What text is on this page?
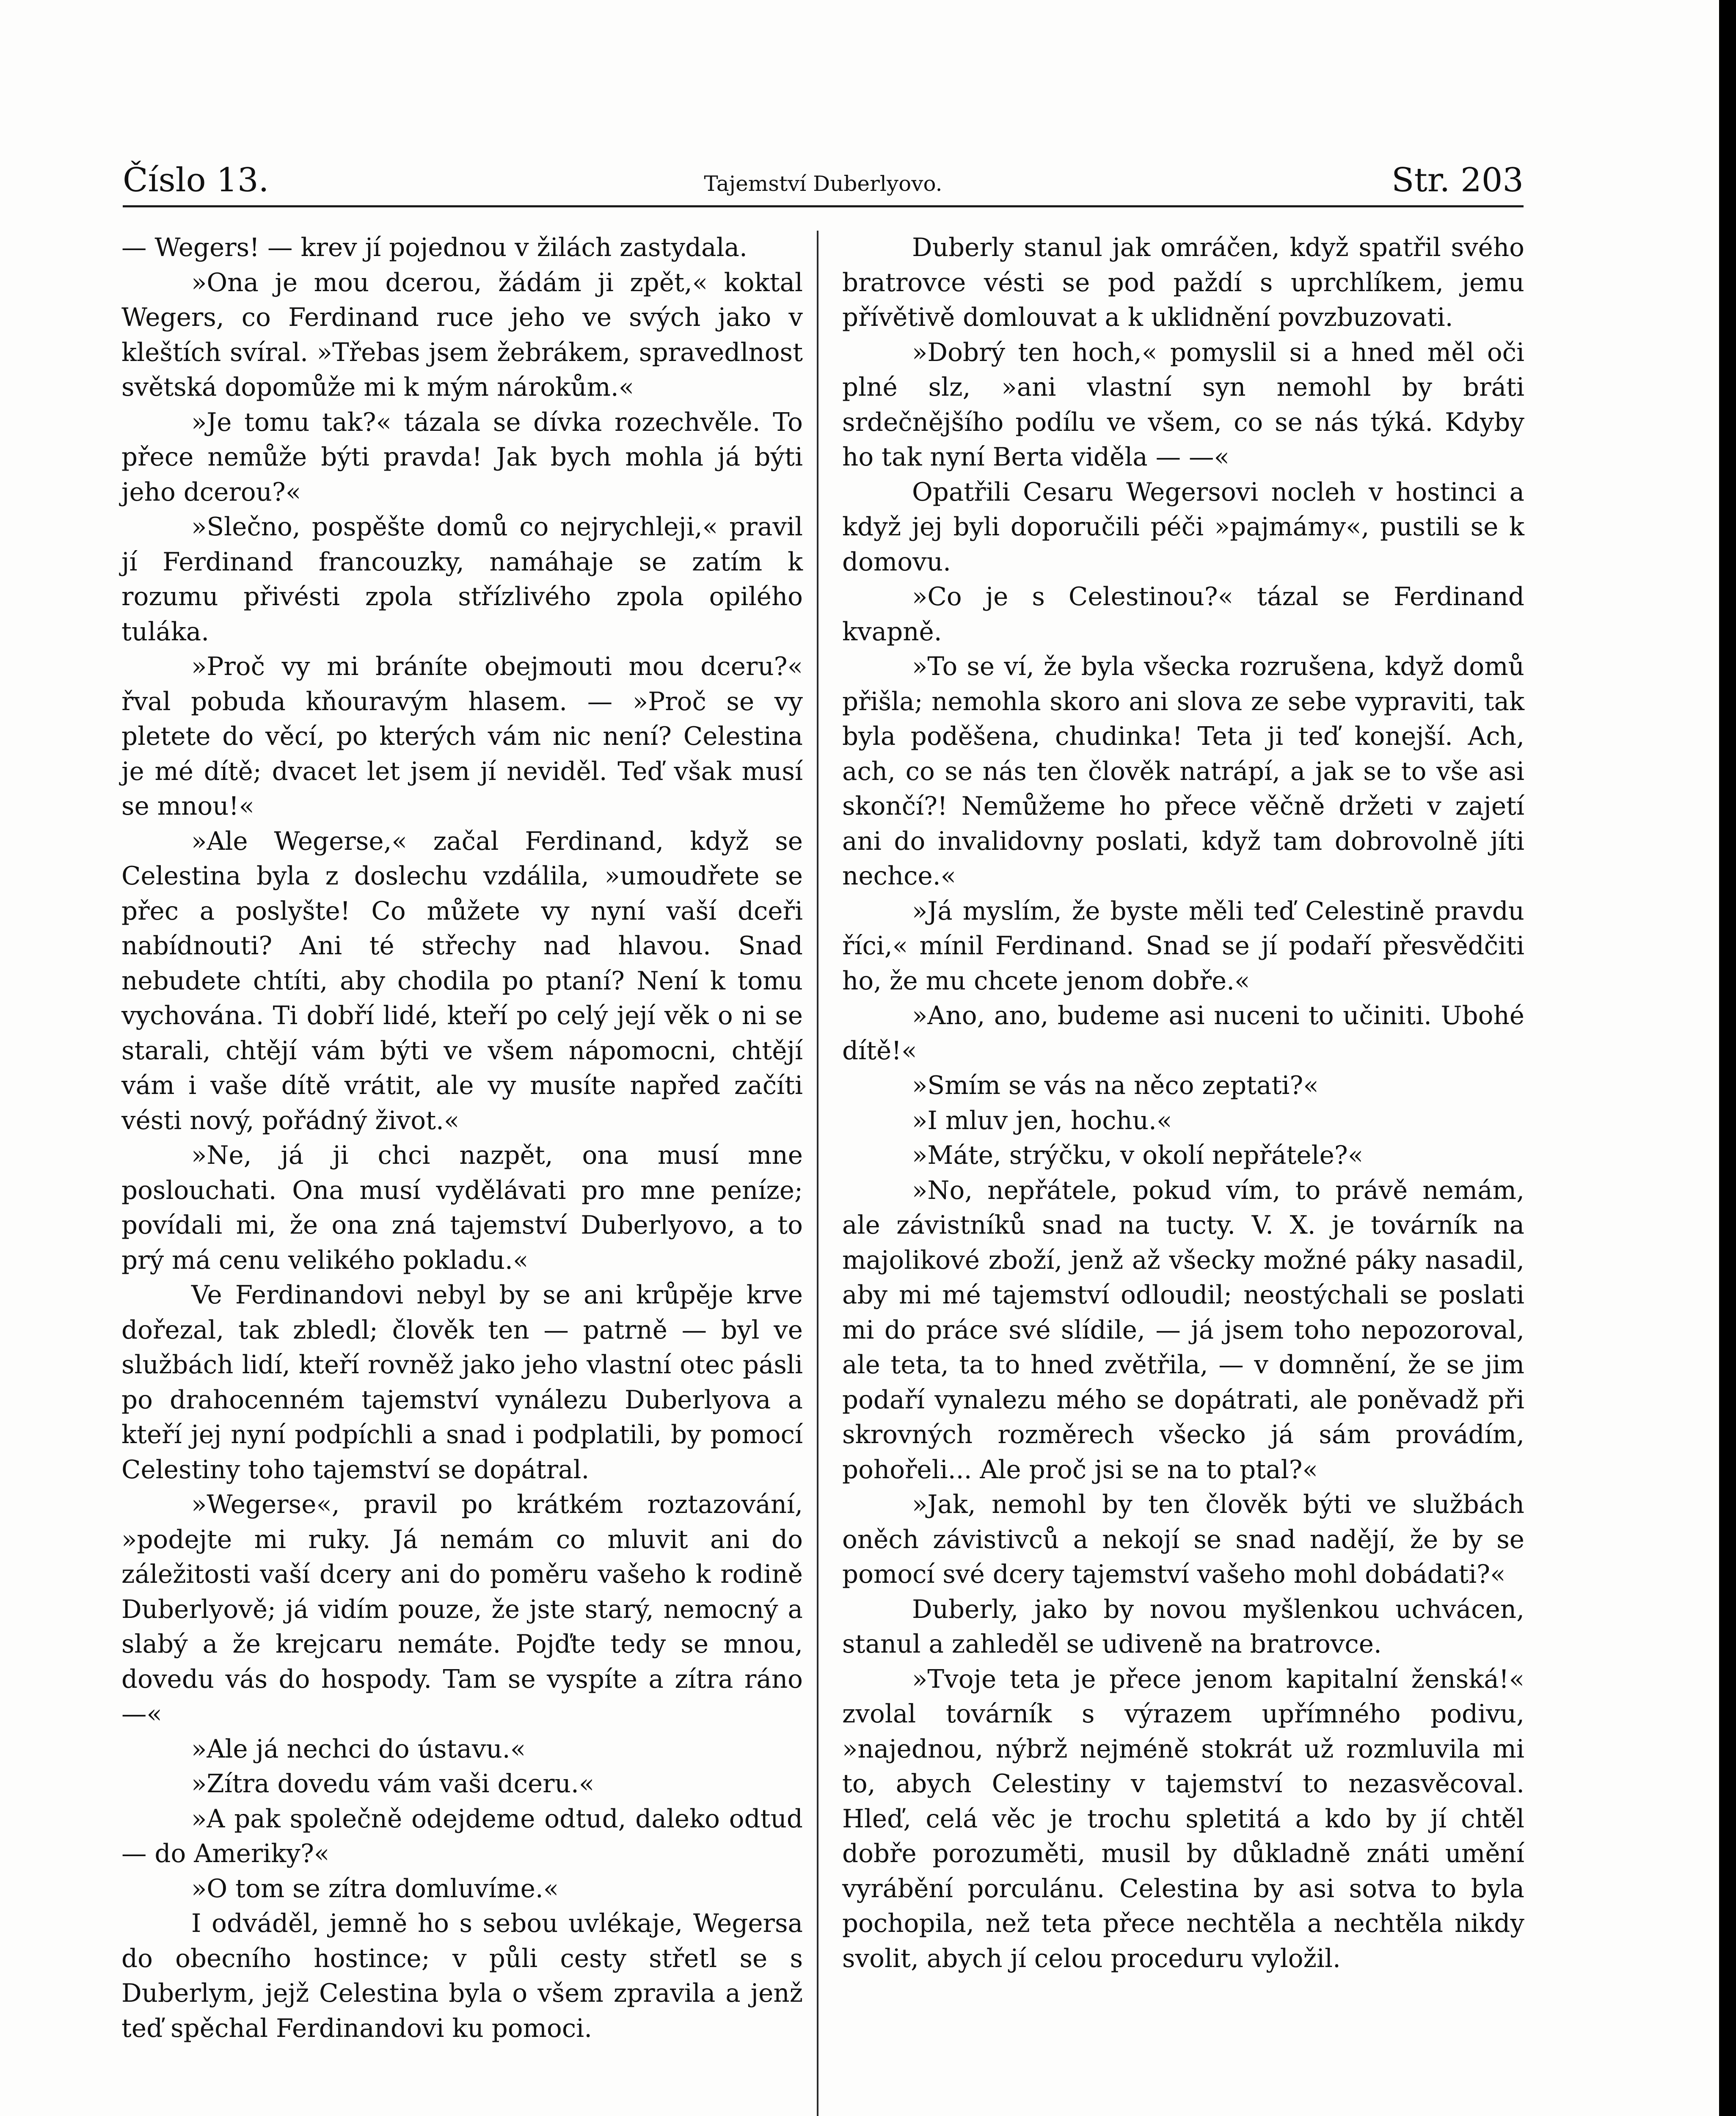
Číslo 13.	Tajemství Duberlyovo.	Str. 203

— Wegers! — krev jí pojednou v žilách zastydala.

»Ona je mou dcerou, žádám ji zpět,« koktal Wegers, co Ferdinand ruce jeho ve svých jako v kleštích svíral. »Třebas jsem žebrákem, spravedlnost světská dopomůže mi k mým nárokům.«

»Je tomu tak?« tázala se dívka rozechvěle. To přece nemůže býti pravda! Jak bych mohla já býti jeho dcerou?«

»Slečno, pospěšte domů co nejrychleji,« pravil jí Ferdinand francouzky, namáhaje se zatím k rozumu přivésti zpola střízlivého zpola opilého tuláka.

»Proč vy mi bráníte obejmouti mou dceru?« řval pobuda kňouravým hlasem. — »Proč se vy pletete do věcí, po kterých vám nic není? Celestina je mé dítě; dvacet let jsem jí neviděl. Teď však musí se mnou!«

»Ale Wegerse,« začal Ferdinand, když se Celestina byla z doslechu vzdálila, »umoudřete se přec a poslyšte! Co můžete vy nyní vaší dceři nabídnouti? Ani té střechy nad hlavou. Snad nebudete chtíti, aby chodila po ptaní? Není k tomu vychována. Ti dobří lidé, kteří po celý její věk o ni se starali, chtějí vám býti ve všem nápomocni, chtějí vám i vaše dítě vrátit, ale vy musíte napřed začíti vésti nový, pořádný život.«

»Ne, já ji chci nazpět, ona musí mne poslouchati. Ona musí vydělávati pro mne peníze; povídali mi, že ona zná tajemství Duberlyovo, a to prý má cenu velikého pokladu.«

Ve Ferdinandovi nebyl by se ani krůpěje krve dořezal, tak zbledl; člověk ten — patrně — byl ve službách lidí, kteří rovněž jako jeho vlastní otec pásli po drahocenném tajemství vynálezu Duberlyova a kteří jej nyní podpíchli a snad i podplatili, by pomocí Celestiny toho tajemství se dopátral.

»Wegerse«, pravil po krátkém roztazování, »podejte mi ruky. Já nemám co mluvit ani do záležitosti vaší dcery ani do poměru vašeho k rodině Duberlyově; já vidím pouze, že jste starý, nemocný a slabý a že krejcaru nemáte. Pojďte tedy se mnou, dovedu vás do hospody. Tam se vyspíte a zítra ráno —«

»Ale já nechci do ústavu.«

»Zítra dovedu vám vaši dceru.«

»A pak společně odejdeme odtud, daleko odtud — do Ameriky?«

»O tom se zítra domluvíme.«

I odváděl, jemně ho s sebou uvlékaje, Wegersa do obecního hostince; v půli cesty střetl se s Duberlym, jejž Celestina byla o všem zpravila a jenž teď spěchal Ferdinandovi ku pomoci.

Duberly stanul jak omráčen, když spatřil svého bratrovce vésti se pod paždí s uprchlíkem, jemu přívětivě domlouvat a k uklidnění povzbuzovati.

»Dobrý ten hoch,« pomyslil si a hned měl oči plné slz, »ani vlastní syn nemohl by bráti srdečnějšího podílu ve všem, co se nás týká. Kdyby ho tak nyní Berta viděla — —«

Opatřili Cesaru Wegersovi nocleh v hostinci a když jej byli doporučili péči »pajmámy«, pustili se k domovu.

»Co je s Celestinou?« tázal se Ferdinand kvapně.

»To se ví, že byla všecka rozrušena, když domů přišla; nemohla skoro ani slova ze sebe vypraviti, tak byla poděšena, chudinka! Teta ji teď konejší. Ach, ach, co se nás ten člověk natrápí, a jak se to vše asi skončí?! Nemůžeme ho přece věčně držeti v zajetí ani do invalidovny poslati, když tam dobrovolně jíti nechce.«

»Já myslím, že byste měli teď Celestině pravdu říci,« mínil Ferdinand. Snad se jí podaří přesvědčiti ho, že mu chcete jenom dobře.«

»Ano, ano, budeme asi nuceni to učiniti. Ubohé dítě!«

»Smím se vás na něco zeptati?«

»I mluv jen, hochu.«

»Máte, strýčku, v okolí nepřátele?«

»No, nepřátele, pokud vím, to právě nemám, ale závistníků snad na tucty. V. X. je továrník na majolikové zboží, jenž až všecky možné páky nasadil, aby mi mé tajemství odloudil; neostýchali se poslati mi do práce své slídile, — já jsem toho nepozoroval, ale teta, ta to hned zvětřila, — v domnění, že se jim podaří vynalezu mého se dopátrati, ale poněvadž při skrovných rozměrech všecko já sám provádím, pohořeli... Ale proč jsi se na to ptal?«

»Jak, nemohl by ten člověk býti ve službách oněch závistivců a nekojí se snad nadějí, že by se pomocí své dcery tajemství vašeho mohl dobádati?«

Duberly, jako by novou myšlenkou uchvácen, stanul a zahleděl se udiveně na bratrovce.

»Tvoje teta je přece jenom kapitalní ženská!« zvolal továrník s výrazem upřímného podivu, »najednou, nýbrž nejméně stokrát už rozmluvila mi to, abych Celestiny v tajemství to nezasvěcoval. Hleď, celá věc je trochu spletitá a kdo by jí chtěl dobře porozuměti, musil by důkladně znáti umění vyrábění porculánu. Celestina by asi sotva to byla pochopila, než teta přece nechtěla a nechtěla nikdy svolit, abych jí celou proceduru vyložil.
